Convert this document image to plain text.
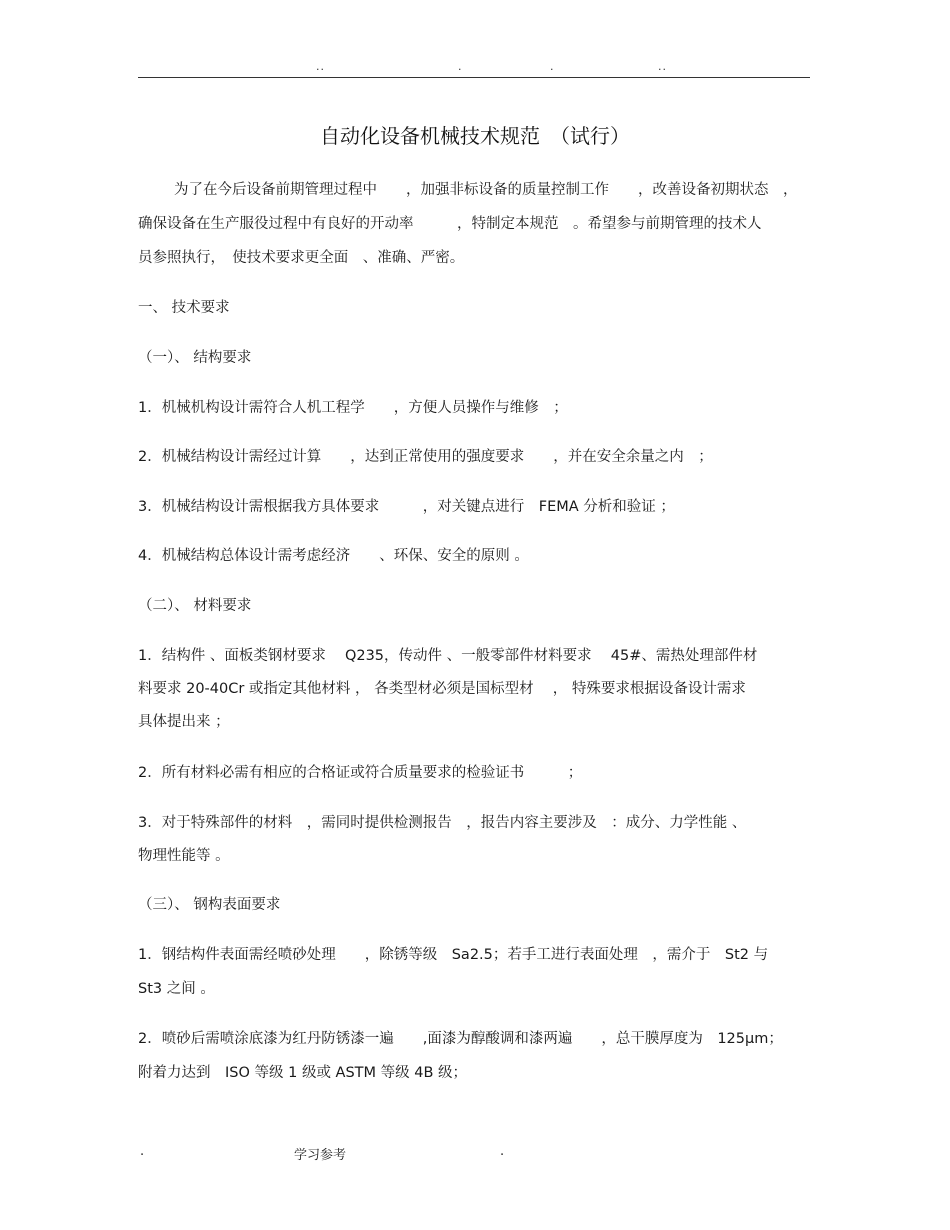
..	.	.	..
自动化设备机械技术规范　（试行）
为了在今后设备前期管理过程中　　，加强非标设备的质量控制工作　　，改善设备初期状态　，
确保设备在生产服役过程中有良好的开动率　　　，特制定本规范　。希望参与前期管理的技术人
员参照执行，　使技术要求更全面　、准确、严密。
一、 技术要求
（一）、 结构要求
1．机械机构设计需符合人机工程学　　，方便人员操作与维修　；
2．机械结构设计需经过计算　　，达到正常使用的强度要求　　，并在安全余量之内　；
3．机械结构设计需根据我方具体要求　　　，对关键点进行　FEMA 分析和验证 ；
4．机械结构总体设计需考虑经济　　、环保、安全的原则 。
（二）、 材料要求
1．结构件 、面板类钢材要求　 Q235，传动件 、一般零部件材料要求　 45#、需热处理部件材
料要求 20-40Cr 或指定其他材料 ， 各类型材必须是国标型材　 ， 特殊要求根据设备设计需求
具体提出来 ；
2．所有材料必需有相应的合格证或符合质量要求的检验证书　　　；
3．对于特殊部件的材料　，需同时提供检测报告　，报告内容主要涉及　：成分、力学性能 、
物理性能等 。
（三）、 钢构表面要求
1．钢结构件表面需经喷砂处理　　，除锈等级　Sa2.5；若手工进行表面处理　，需介于　St2 与
St3 之间 。
2．喷砂后需喷涂底漆为红丹防锈漆一遍　　,面漆为醇酸调和漆两遍　　，总干膜厚度为　125μm；
附着力达到　ISO 等级 1 级或 ASTM 等级 4B 级；
.	学习参考	.
